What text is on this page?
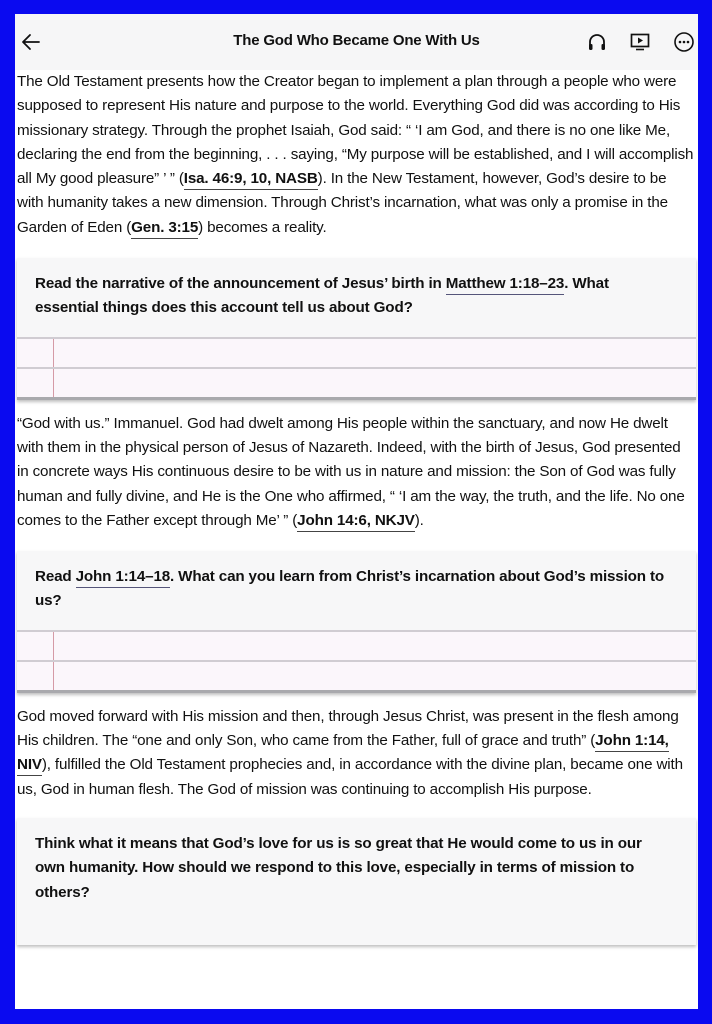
The God Who Became One With Us

The Old Testament presents how the Creator began to implement a plan through a people who were supposed to represent His nature and purpose to the world. Everything God did was according to His missionary strategy. Through the prophet Isaiah, God said: “ ‘I am God, and there is no one like Me, declaring the end from the beginning, . . . saying, “My purpose will be established, and I will accomplish all My good pleasure” ’ ” (Isa. 46:9, 10, NASB). In the New Testament, however, God’s desire to be with humanity takes a new dimension. Through Christ’s incarnation, what was only a promise in the Garden of Eden (Gen. 3:15) becomes a reality.

Read the narrative of the announcement of Jesus’ birth in Matthew 1:18–23. What essential things does this account tell us about God?

“God with us.” Immanuel. God had dwelt among His people within the sanctuary, and now He dwelt with them in the physical person of Jesus of Nazareth. Indeed, with the birth of Jesus, God presented in concrete ways His continuous desire to be with us in nature and mission: the Son of God was fully human and fully divine, and He is the One who affirmed, “ ‘I am the way, the truth, and the life. No one comes to the Father except through Me’ ” (John 14:6, NKJV).

Read John 1:14–18. What can you learn from Christ’s incarnation about God’s mission to us?

God moved forward with His mission and then, through Jesus Christ, was present in the flesh among His children. The “one and only Son, who came from the Father, full of grace and truth” (John 1:14, NIV), fulfilled the Old Testament prophecies and, in accordance with the divine plan, became one with us, God in human flesh. The God of mission was continuing to accomplish His purpose.

Think what it means that God’s love for us is so great that He would come to us in our own humanity. How should we respond to this love, especially in terms of mission to others?
